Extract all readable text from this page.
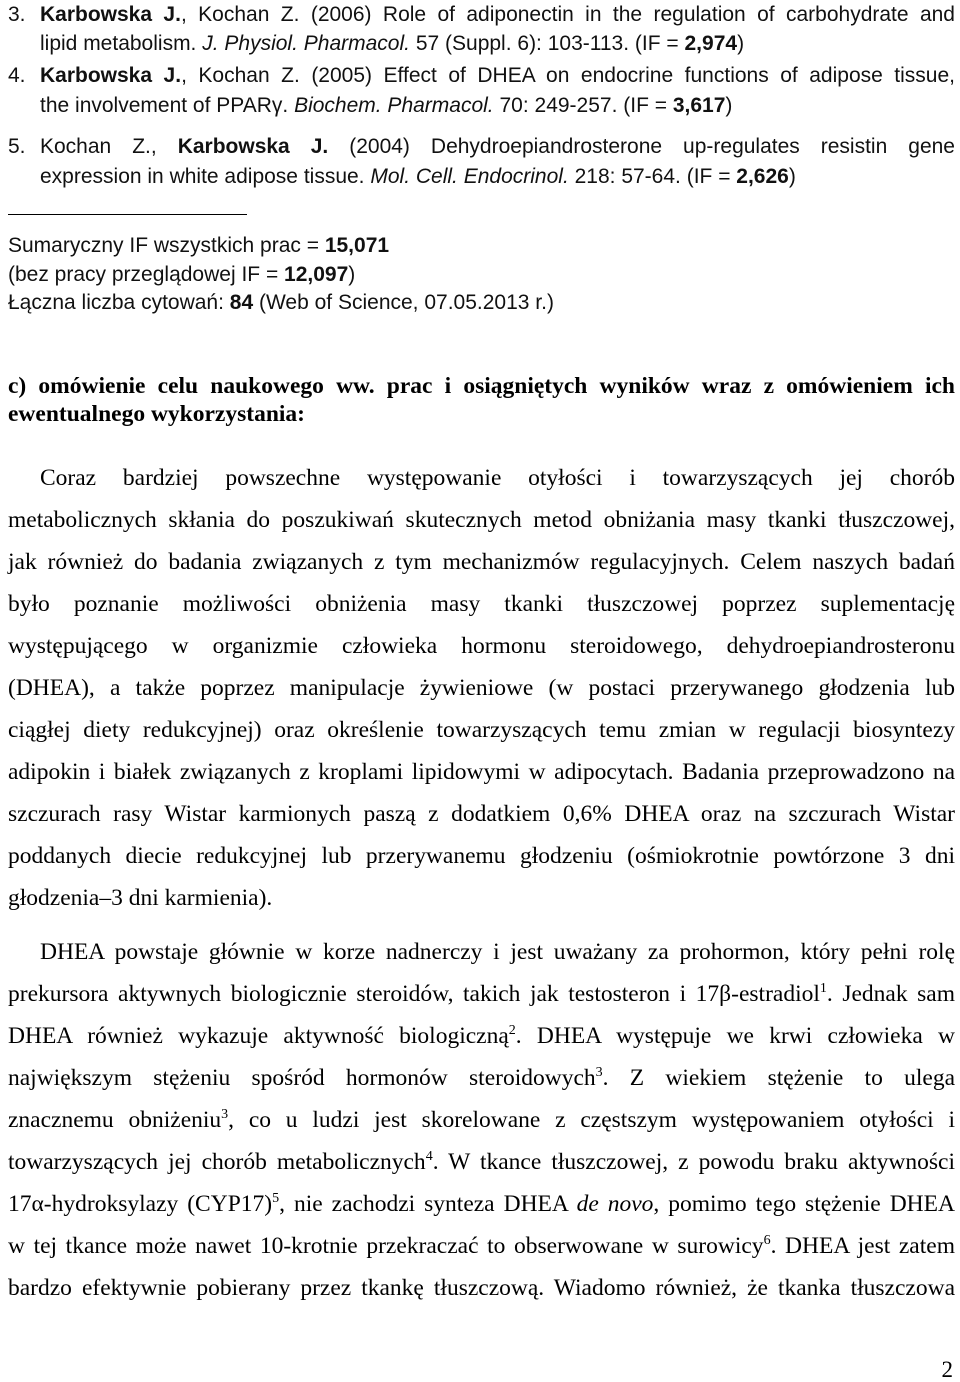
3. Karbowska J., Kochan Z. (2006) Role of adiponectin in the regulation of carbohydrate and
lipid metabolism. J. Physiol. Pharmacol. 57 (Suppl. 6): 103-113. (IF = 2,974)
4. Karbowska J., Kochan Z. (2005) Effect of DHEA on endocrine functions of adipose tissue,
the involvement of PPARγ. Biochem. Pharmacol. 70: 249-257. (IF = 3,617)
5. Kochan Z., Karbowska J. (2004) Dehydroepiandrosterone up-regulates resistin gene
expression in white adipose tissue. Mol. Cell. Endocrinol. 218: 57-64. (IF = 2,626)
Sumaryczny IF wszystkich prac = 15,071
(bez pracy przeglądowej IF = 12,097)
Łączna liczba cytowań: 84 (Web of Science, 07.05.2013 r.)
c) omówienie celu naukowego ww. prac i osiągniętych wyników wraz z omówieniem ich
ewentualnego wykorzystania:
Coraz bardziej powszechne występowanie otyłości i towarzyszących jej chorób
metabolicznych skłania do poszukiwań skutecznych metod obniżania masy tkanki tłuszczowej,
jak również do badania związanych z tym mechanizmów regulacyjnych. Celem naszych badań
było poznanie możliwości obniżenia masy tkanki tłuszczowej poprzez suplementację
występującego w organizmie człowieka hormonu steroidowego, dehydroepiandrosteronu
(DHEA), a także poprzez manipulacje żywieniowe (w postaci przerywanego głodzenia lub
ciągłej diety redukcyjnej) oraz określenie towarzyszących temu zmian w regulacji biosyntezy
adipokin i białek związanych z kroplami lipidowymi w adipocytach. Badania przeprowadzono na
szczurach rasy Wistar karmionych paszą z dodatkiem 0,6% DHEA oraz na szczurach Wistar
poddanych diecie redukcyjnej lub przerywanemu głodzeniu (ośmiokrotnie powtórzone 3 dni
głodzenia–3 dni karmienia).
DHEA powstaje głównie w korze nadnerczy i jest uważany za prohormon, który pełni rolę
prekursora aktywnych biologicznie steroidów, takich jak testosteron i 17β-estradiol$^1$. Jednak sam
DHEA również wykazuje aktywność biologiczną$^2$. DHEA występuje we krwi człowieka w
największym stężeniu spośród hormonów steroidowych$^3$. Z wiekiem stężenie to ulega
znacznemu obniżeniu$^3$, co u ludzi jest skorelowane z częstszym występowaniem otyłości i
towarzyszących jej chorób metabolicznych$^4$. W tkance tłuszczowej, z powodu braku aktywności
17α-hydroksylazy $(CYP17)^5$, nie zachodzi synteza DHEA de novo, pomimo tego stężenie DHEA
w tej tkance może nawet 10-krotnie przekraczać to obserwowane w surowicy$^6$. DHEA jest zatem
bardzo efektywnie pobierany przez tkankę tłuszczową. Wiadomo również, że tkanka tłuszczowa
2
